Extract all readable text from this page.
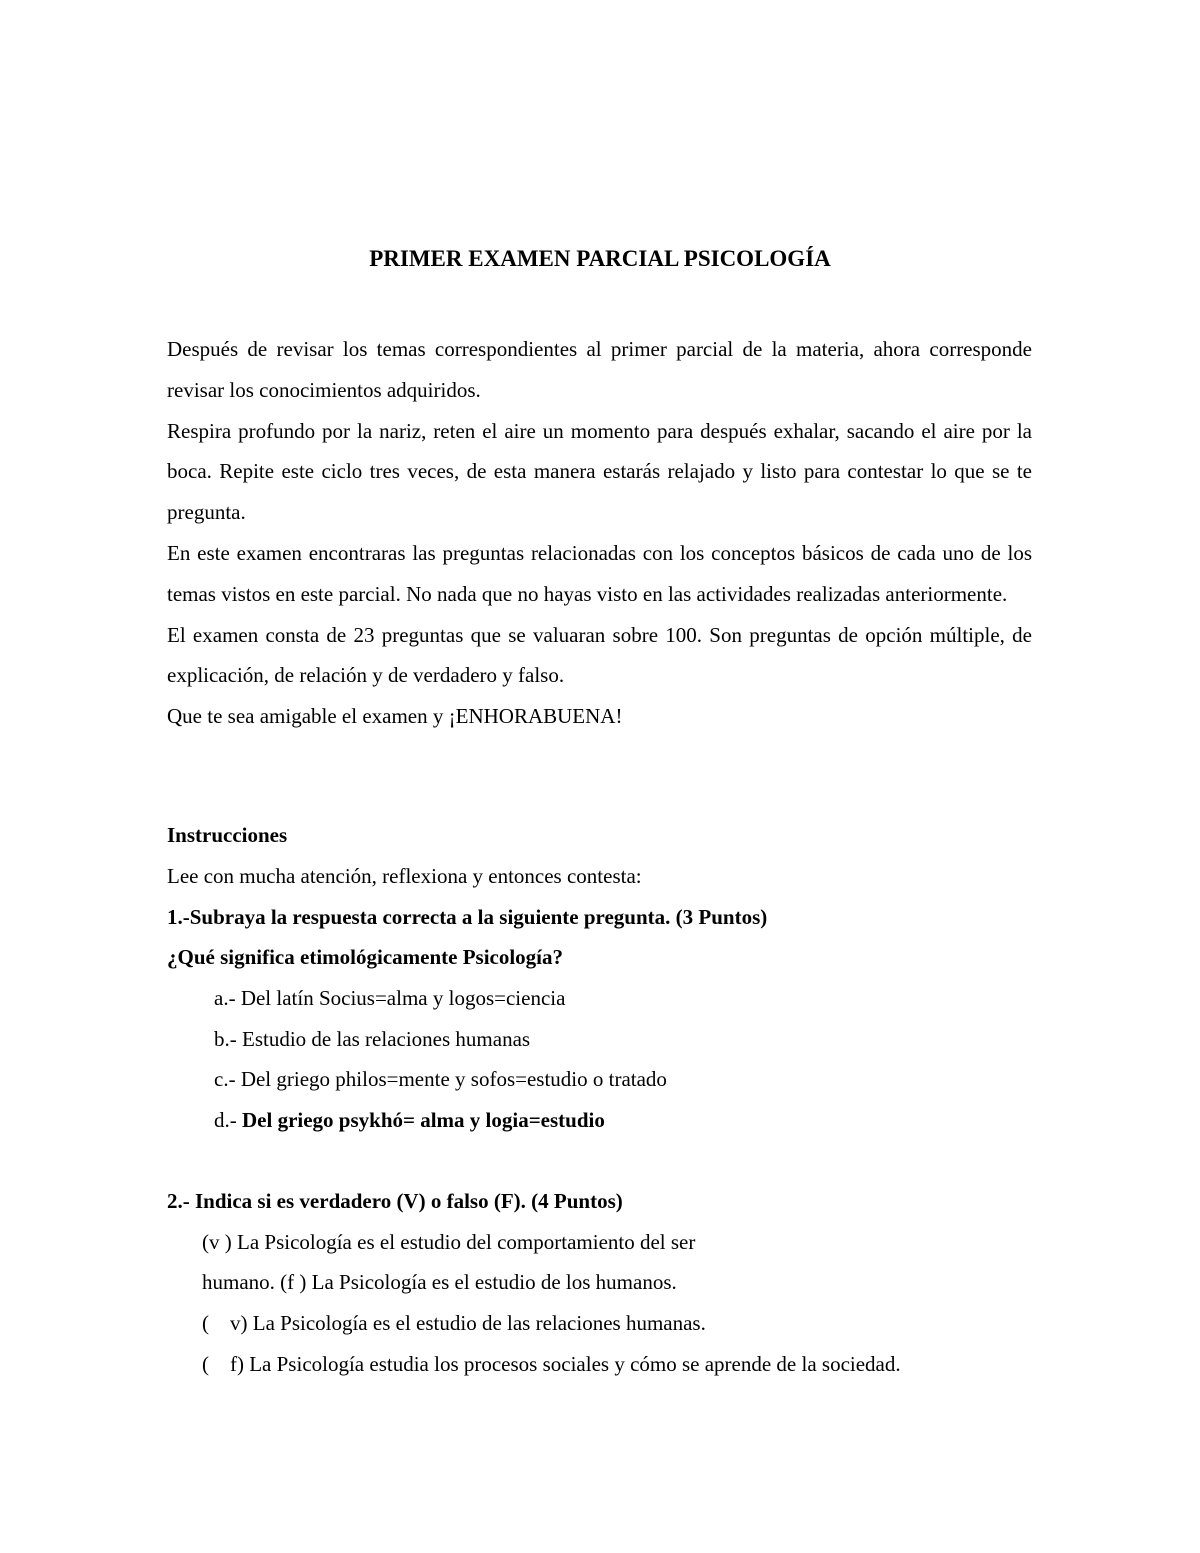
PRIMER EXAMEN PARCIAL PSICOLOGÍA

Después de revisar los temas correspondientes al primer parcial de la materia, ahora corresponde revisar los conocimientos adquiridos.

Respira profundo por la nariz, reten el aire un momento para después exhalar, sacando el aire por la boca. Repite este ciclo tres veces, de esta manera estarás relajado y listo para contestar lo que se te pregunta.

En este examen encontraras las preguntas relacionadas con los conceptos básicos de cada uno de los temas vistos en este parcial. No nada que no hayas visto en las actividades realizadas anteriormente.

El examen consta de 23 preguntas que se valuaran sobre 100. Son preguntas de opción múltiple, de explicación, de relación y de verdadero y falso.

Que te sea amigable el examen y ¡ENHORABUENA!

Instrucciones
Lee con mucha atención, reflexiona y entonces contesta:
1.-Subraya la respuesta correcta a la siguiente pregunta. (3 Puntos)
¿Qué significa etimológicamente Psicología?
a.- Del latín Socius=alma y logos=ciencia
b.- Estudio de las relaciones humanas
c.- Del griego philos=mente y sofos=estudio o tratado
d.- Del griego psykhó= alma y logia=estudio
2.- Indica si es verdadero (V) o falso (F). (4 Puntos)
(v ) La Psicología es el estudio del comportamiento del ser
humano. (f ) La Psicología es el estudio de los humanos.
(    v) La Psicología es el estudio de las relaciones humanas.
(    f) La Psicología estudia los procesos sociales y cómo se aprende de la sociedad.
